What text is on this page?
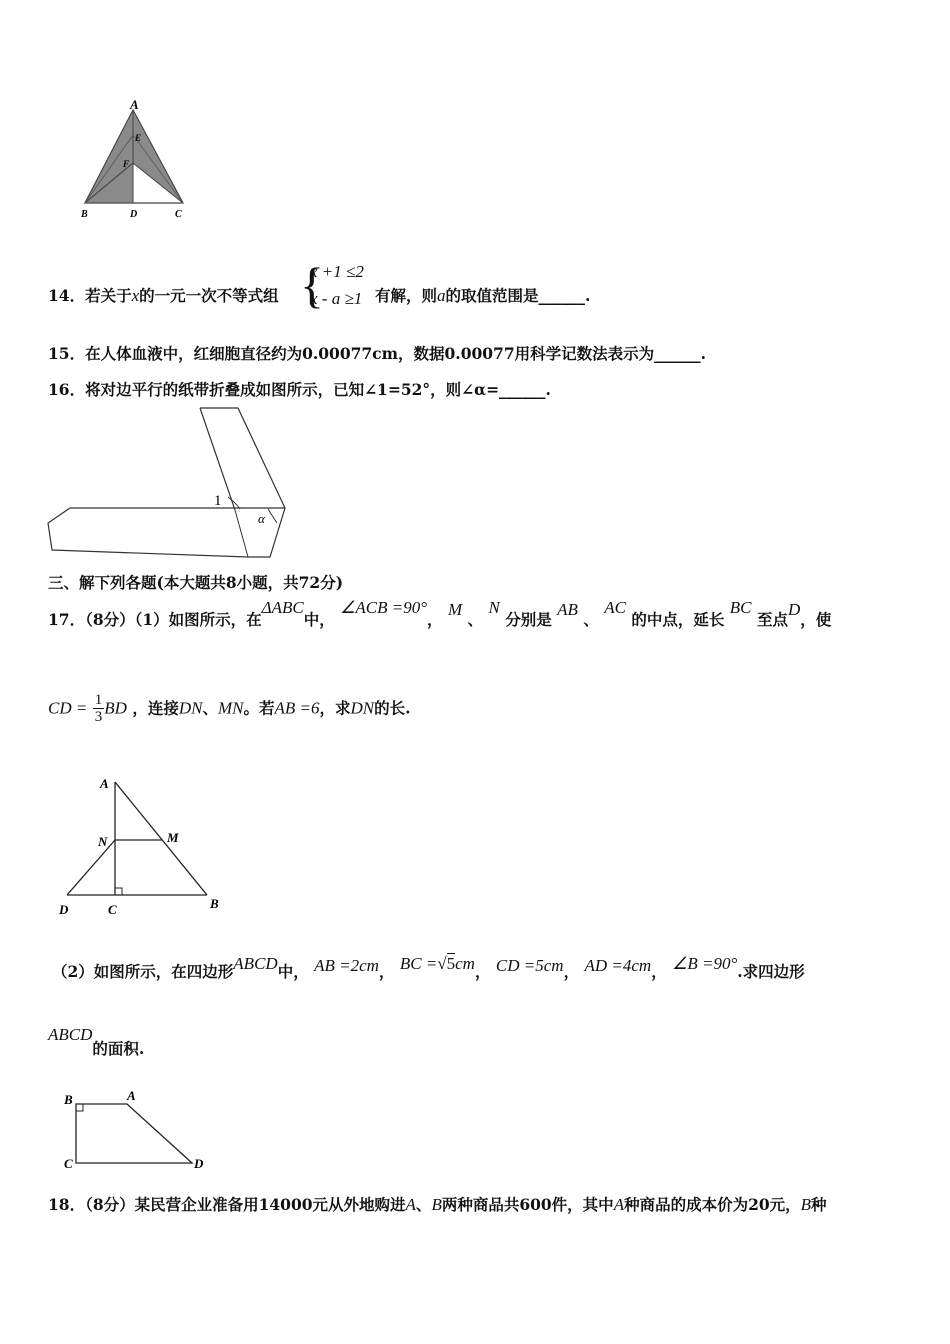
A
E
F
B	D	C
14．若关于x的一元一次不等式组 {
x +1 ≤2
x - a ≥1 有解，则a的取值范围是______.
15．在人体血液中，红细胞直径约为0.00077cm，数据0.00077用科学记数法表示为______.
16．将对边平行的纸带折叠成如图所示，已知∠1=52°，则∠α=______.
1
α
三、解下列各题(本大题共8小题，共72分)
17．（8分）（1）如图所示，在ΔABC中， ∠ACB =90°， M 、 N 分别是 AB 、 AC 的中点，延长 BC 至点D，使
CD = $\frac{1}{3}$ BD ，连接DN、MN。若AB =6，求DN的长.
A
N	M
D	C	B
（2）如图所示，在四边形ABCD中， AB =2cm， BC =√5cm， CD =5cm， AD =4cm， ∠B =90°.求四边形
ABCD的面积.
B	A
C	D
18．（8分）某民营企业准备用14000元从外地购进A、B两种商品共600件，其中A种商品的成本价为20元，B种
